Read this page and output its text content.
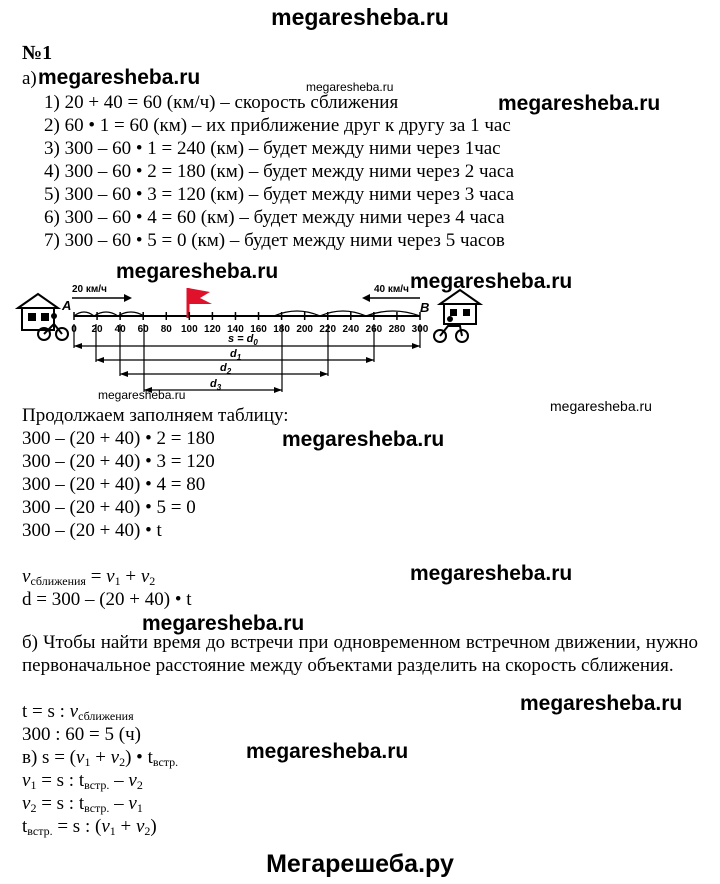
megaresheba.ru
№1
а)
1) 20 + 40 = 60 (км/ч) – скорость сближения
2) 60 • 1 = 60 (км) – их приближение друг к другу за 1 час
3) 300 – 60 • 1 = 240 (км) – будет между ними через 1час
4) 300 – 60 • 2 = 180 (км) – будет между ними через 2 часа
5) 300 – 60 • 3 = 120 (км) – будет между ними через 3 часа
6) 300 – 60 • 4 = 60 (км) – будет между ними через 4 часа
7) 300 – 60 • 5 = 0 (км) – будет между ними через 5 часов
20 км/ч	40 км/ч
A	B
0 20 40 60 80 100 120 140 160 180 200 220 240 260 280 300
$s = d_0$
$d_1$
$d_2$
$d_3$
Продолжаем заполняем таблицу:
300 – (20 + 40) • 2 = 180
300 – (20 + 40) • 3 = 120
300 – (20 + 40) • 4 = 80
300 – (20 + 40) • 5 = 0
300 – (20 + 40) • t
$v_{сближения} = v_1 + v_2$
d = 300 – (20 + 40) • t
б) Чтобы найти время до встречи при одновременном встречном движении, нужно первоначальное расстояние между объектами разделить на скорость сближения.
t = s : $v_{сближения}$
300 : 60 = 5 (ч)
в) $s = (v_1 + v_2)$ • $t_{встр.}$
$v_1 = s$ : $t_{встр.} - v_2$
$v_2 = s$ : $t_{встр.} - v_1$
$t_{встр.} = s$ : $(v_1 + v_2)$
megaresheba.ru	megaresheba.ru
megaresheba.ru
megaresheba.ru	megaresheba.ru
megaresheba.ru
megaresheba.ru
megaresheba.ru
megaresheba.ru
megaresheba.ru
megaresheba.ru
megaresheba.ru
Мегарешеба.ру
